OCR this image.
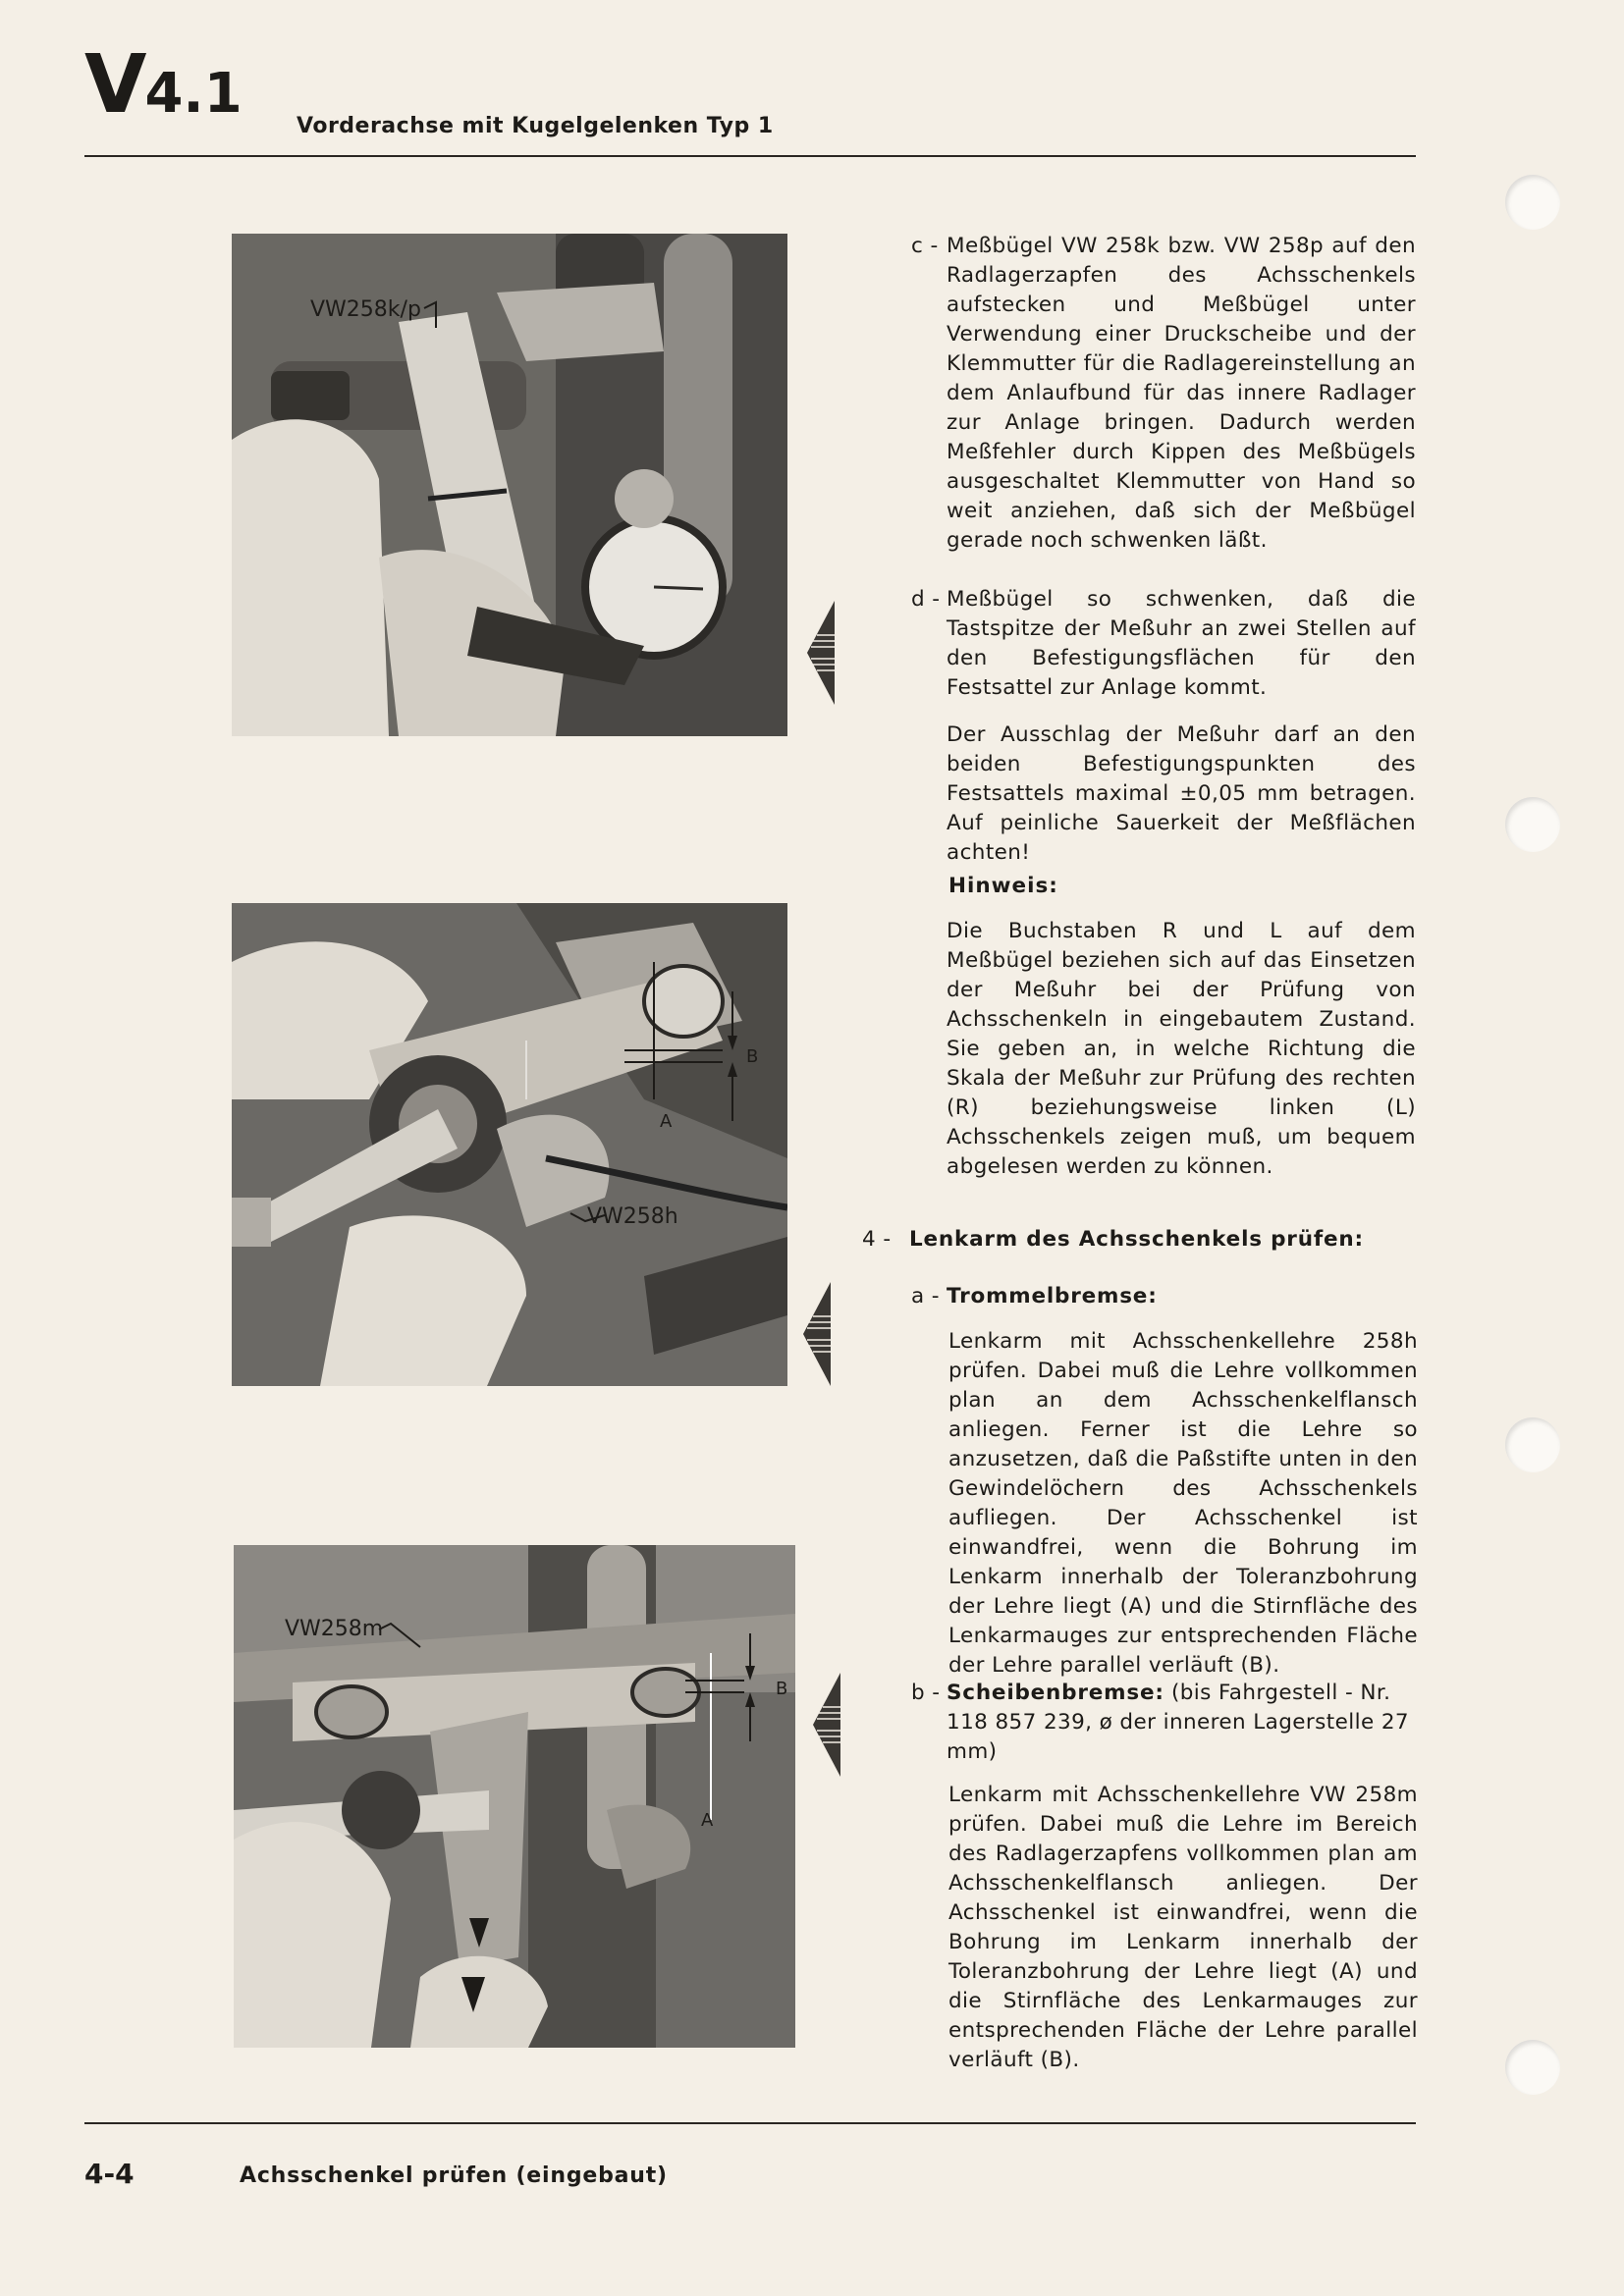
V4.1
Vorderachse mit Kugelgelenken Typ 1
VW258k/p
c - Meßbügel VW 258k bzw. VW 258p auf den Radlagerzapfen des Achsschenkels aufstecken und Meßbügel unter Verwendung einer Druckscheibe und der Klemmutter für die Radlagereinstellung an dem Anlaufbund für das innere Radlager zur Anlage bringen. Dadurch werden Meßfehler durch Kippen des Meßbügels ausgeschaltet Klemmutter von Hand so weit anziehen, daß sich der Meßbügel gerade noch schwenken läßt.
d - Meßbügel so schwenken, daß die Tastspitze der Meßuhr an zwei Stellen auf den Befestigungsflächen für den Festsattel zur Anlage kommt.
Der Ausschlag der Meßuhr darf an den beiden Befestigungspunkten des Festsattels maximal ±0,05 mm betragen. Auf peinliche Sauerkeit der Meßflächen achten!
Hinweis:
Die Buchstaben R und L auf dem Meßbügel beziehen sich auf das Einsetzen der Meßuhr bei der Prüfung von Achsschenkeln in eingebautem Zustand. Sie geben an, in welche Richtung die Skala der Meßuhr zur Prüfung des rechten (R) beziehungsweise linken (L) Achsschenkels zeigen muß, um bequem abgelesen werden zu können.
B
A
VW258h
4 - Lenkarm des Achsschenkels prüfen:
a - Trommelbremse:
Lenkarm mit Achsschenkellehre 258h prüfen. Dabei muß die Lehre vollkommen plan an dem Achsschenkelflansch anliegen. Ferner ist die Lehre so anzusetzen, daß die Paßstifte unten in den Gewindelöchern des Achsschenkels aufliegen. Der Achsschenkel ist einwandfrei, wenn die Bohrung im Lenkarm innerhalb der Toleranzbohrung der Lehre liegt (A) und die Stirnfläche des Lenkarmauges zur entsprechenden Fläche der Lehre parallel verläuft (B).
B
A
VW258m
b - Scheibenbremse: (bis Fahrgestell - Nr. 118 857 239, ø der inneren Lagerstelle 27 mm)
Lenkarm mit Achsschenkellehre VW 258m prüfen. Dabei muß die Lehre im Bereich des Radlagerzapfens vollkommen plan am Achsschenkelflansch anliegen. Der Achsschenkel ist einwandfrei, wenn die Bohrung im Lenkarm innerhalb der Toleranzbohrung der Lehre liegt (A) und die Stirnfläche des Lenkarmauges zur entsprechenden Fläche der Lehre parallel verläuft (B).
4-4	Achsschenkel prüfen (eingebaut)
